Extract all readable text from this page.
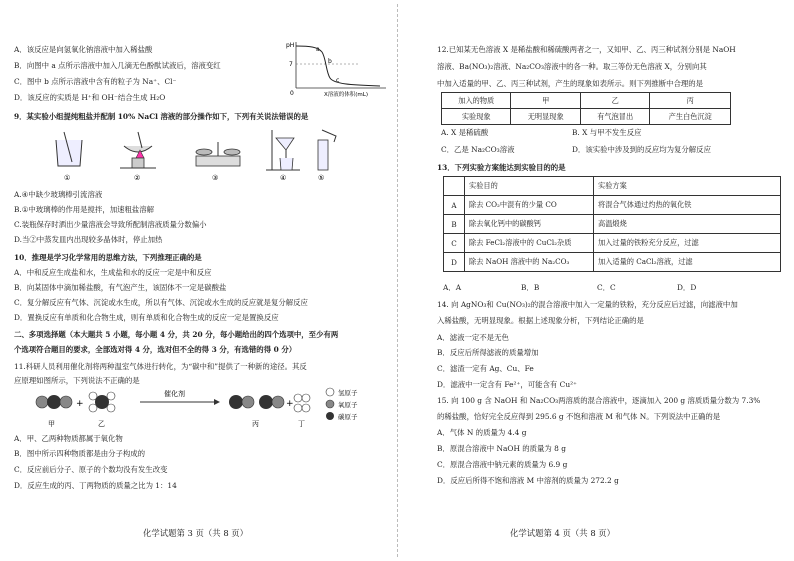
A．该反应是向氢氧化钠溶液中加入稀盐酸
B．向图中 a 点所示溶液中加入几滴无色酚酞试液后，溶液变红
C．图中 b 点所示溶液中含有的粒子为 Na⁺、Cl⁻
D．该反应的实质是 H⁺和 OH⁻结合生成 H₂O
pH
7
0
a
b
c
X溶液的体积(mL)
9．某实验小组提纯粗盐并配制 10% NaCl 溶液的部分操作如下，下列有关说法错误的是
①	②	③	④	⑤
A.④中缺少玻璃棒引流溶液
B.①中玻璃棒的作用是搅拌，加速粗盐溶解
C.装瓶保存时洒出少量溶液会导致所配制溶液质量分数偏小
D.当②中蒸发皿内出现较多晶体时，停止加热
10．推理是学习化学常用的思维方法，下列推理正确的是
A．中和反应生成盐和水，生成盐和水的反应一定是中和反应
B．向某固体中滴加稀盐酸，有气泡产生，该固体不一定是碳酸盐
C．复分解反应有气体、沉淀或水生成，所以有气体、沉淀或水生成的反应就是复分解反应
D．置换反应有单质和化合物生成，则有单质和化合物生成的反应一定是置换反应
二、多项选择题（本大题共 5 小题，每小题 4 分，共 20 分，每小题给出的四个选项中，至少有两
个选项符合题目的要求，全部选对得 4 分，选对但不全的得 3 分，有选错的得 0 分）
11.科研人员利用催化剂将两种温室气体进行转化，为“碳中和”提供了一种新的途径。其反
应原理如图所示，下列说法不正确的是
+
催化剂
+
甲	乙	丙	丁
氢原子
氧原子
碳原子
A．甲、乙两种物质都属于氧化物
B．图中所示四种物质都是由分子构成的
C．反应前后分子、原子的个数均没有发生改变
D．反应生成的丙、丁两物质的质量之比为 1：14
化学试题第 3 页（共 8 页）
12.已知某无色溶液 X 是稀盐酸和稀硫酸两者之一，又知甲、乙、丙三种试剂分别是 NaOH
溶液、Ba(NO₃)₂溶液、Na₂CO₃溶液中的各一种。取三等份无色溶液 X，分别向其
中加入适量的甲、乙、丙三种试剂，产生的现象如表所示。则下列推断中合理的是
加入的物质	甲	乙	丙
实验现象	无明显现象	有气泡冒出	产生白色沉淀
A. X 是稀硫酸	B. X 与甲不发生反应
C．乙是 Na₂CO₃溶液	D．该实验中涉及到的反应均为复分解反应
13．下列实验方案能达到实验目的的是
	实验目的	实验方案
A	除去 CO₂中混有的少量 CO	将混合气体通过灼热的氧化铁
B	除去氧化钙中的碳酸钙	高温煅烧
C	除去 FeCl₂溶液中的 CuCl₂杂质	加入过量的铁粉充分反应，过滤
D	除去 NaOH 溶液中的 Na₂CO₃	加入适量的 CaCl₂溶液，过滤
A．A	B．B	C．C	D．D
14. 向 AgNO₃和 Cu(NO₃)₂的混合溶液中加入一定量的铁粉，充分反应后过滤，向滤液中加
入稀盐酸，无明显现象。根据上述现象分析，下列结论正确的是
A．滤液一定不是无色
B．反应后所得滤液的质量增加
C．滤渣一定有 Ag、Cu、Fe
D．滤液中一定含有 Fe²⁺，可能含有 Cu²⁺
15. 向 100 g 含 NaOH 和 Na₂CO₃两溶质的混合溶液中，逐滴加入 200 g 溶质质量分数为 7.3%
的稀盐酸，恰好完全反应得到 295.6 g 不饱和溶液 M 和气体 N。下列说法中正确的是
A．气体 N 的质量为 4.4 g
B．原混合溶液中 NaOH 的质量为 8 g
C．原混合溶液中钠元素的质量为 6.9 g
D．反应后所得不饱和溶液 M 中溶剂的质量为 272.2 g
化学试题第 4 页（共 8 页）
